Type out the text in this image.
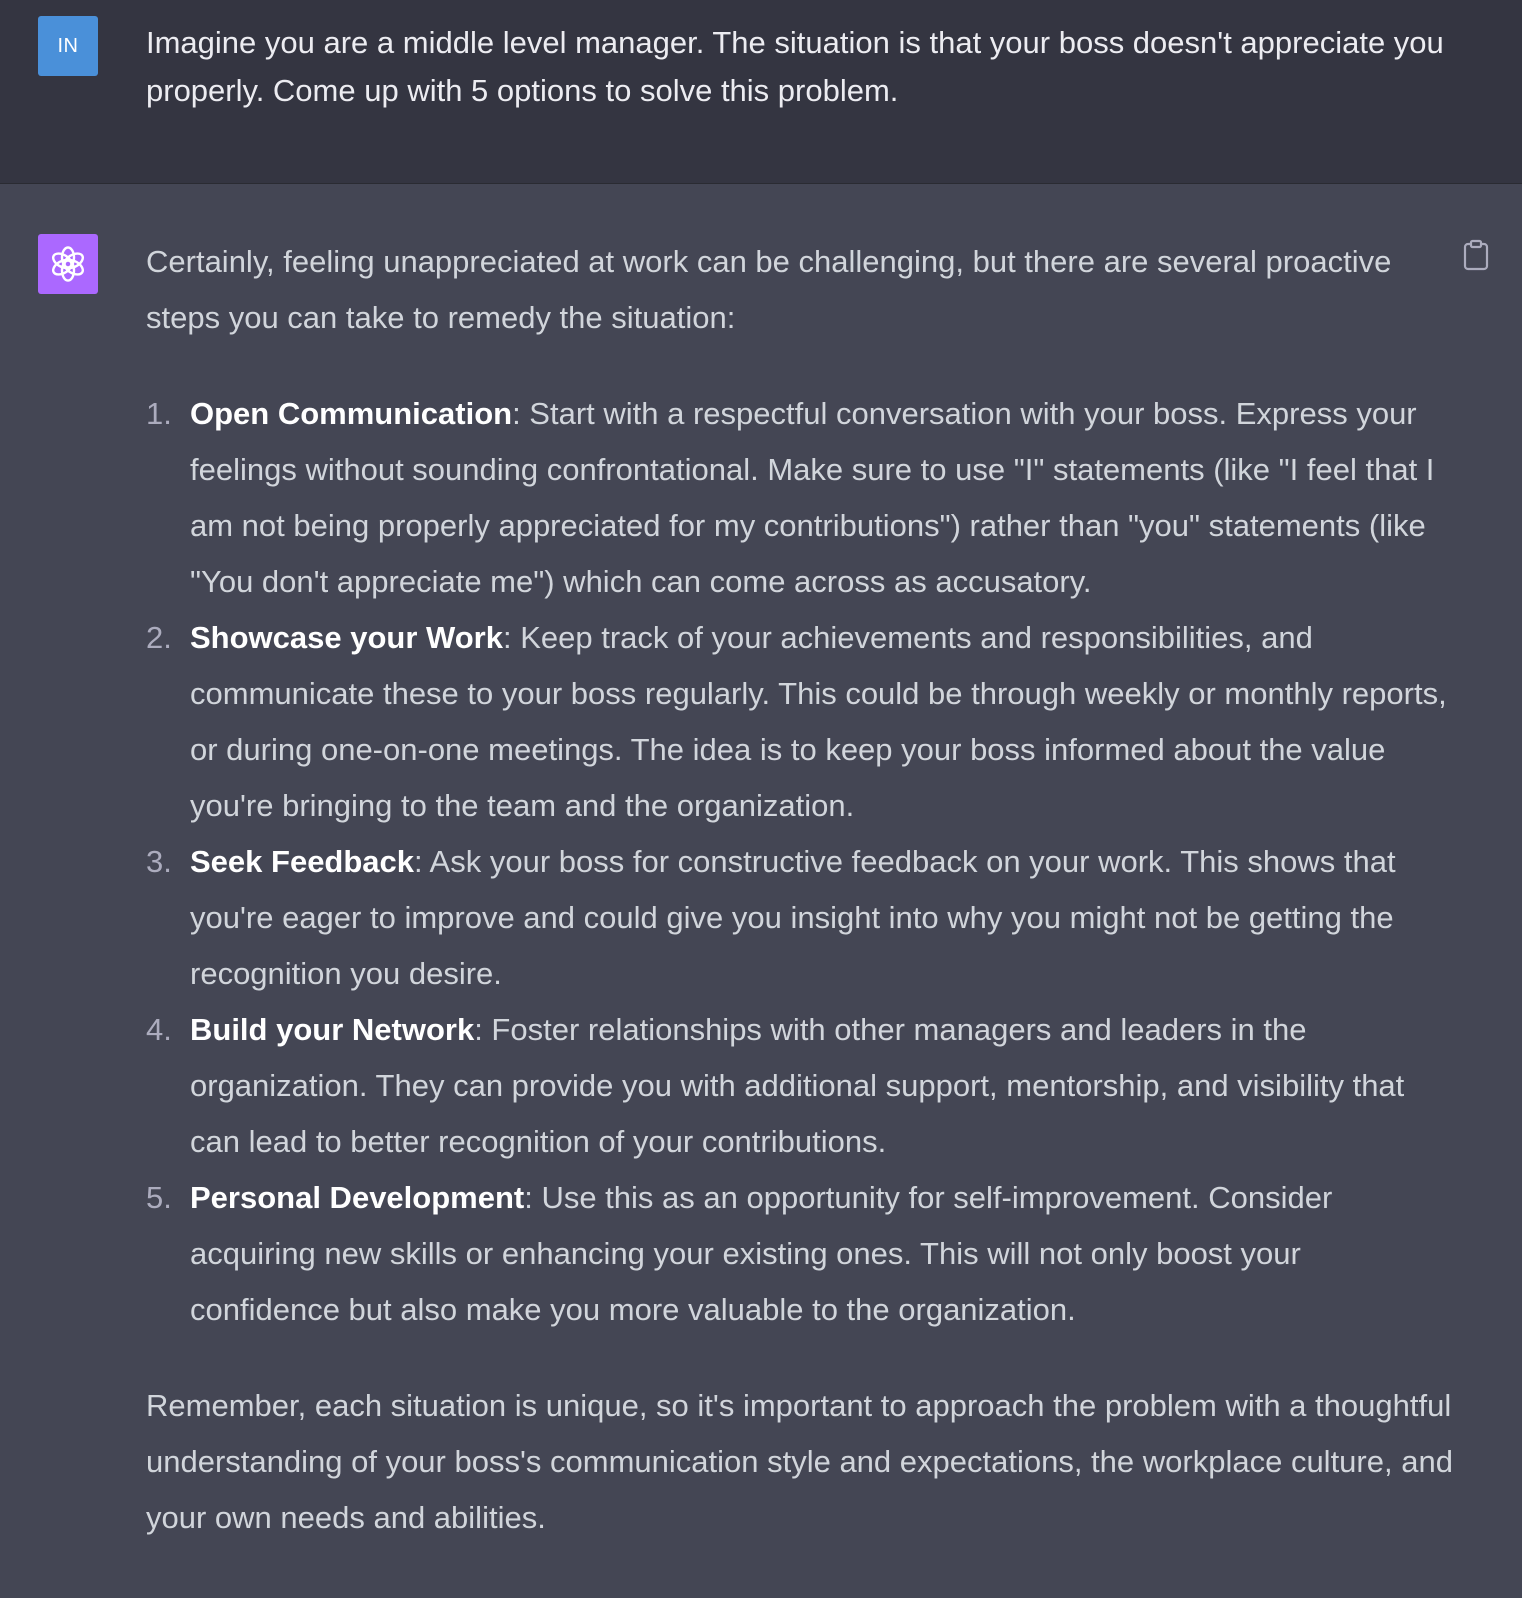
IN	Imagine you are a middle level manager. The situation is that your boss doesn't appreciate you properly. Come up with 5 options to solve this problem.

Certainly, feeling unappreciated at work can be challenging, but there are several proactive steps you can take to remedy the situation:

1. Open Communication: Start with a respectful conversation with your boss. Express your feelings without sounding confrontational. Make sure to use "I" statements (like "I feel that I am not being properly appreciated for my contributions") rather than "you" statements (like "You don't appreciate me") which can come across as accusatory.
2. Showcase your Work: Keep track of your achievements and responsibilities, and communicate these to your boss regularly. This could be through weekly or monthly reports, or during one-on-one meetings. The idea is to keep your boss informed about the value you're bringing to the team and the organization.
3. Seek Feedback: Ask your boss for constructive feedback on your work. This shows that you're eager to improve and could give you insight into why you might not be getting the recognition you desire.
4. Build your Network: Foster relationships with other managers and leaders in the organization. They can provide you with additional support, mentorship, and visibility that can lead to better recognition of your contributions.
5. Personal Development: Use this as an opportunity for self-improvement. Consider acquiring new skills or enhancing your existing ones. This will not only boost your confidence but also make you more valuable to the organization.

Remember, each situation is unique, so it's important to approach the problem with a thoughtful understanding of your boss's communication style and expectations, the workplace culture, and your own needs and abilities.
